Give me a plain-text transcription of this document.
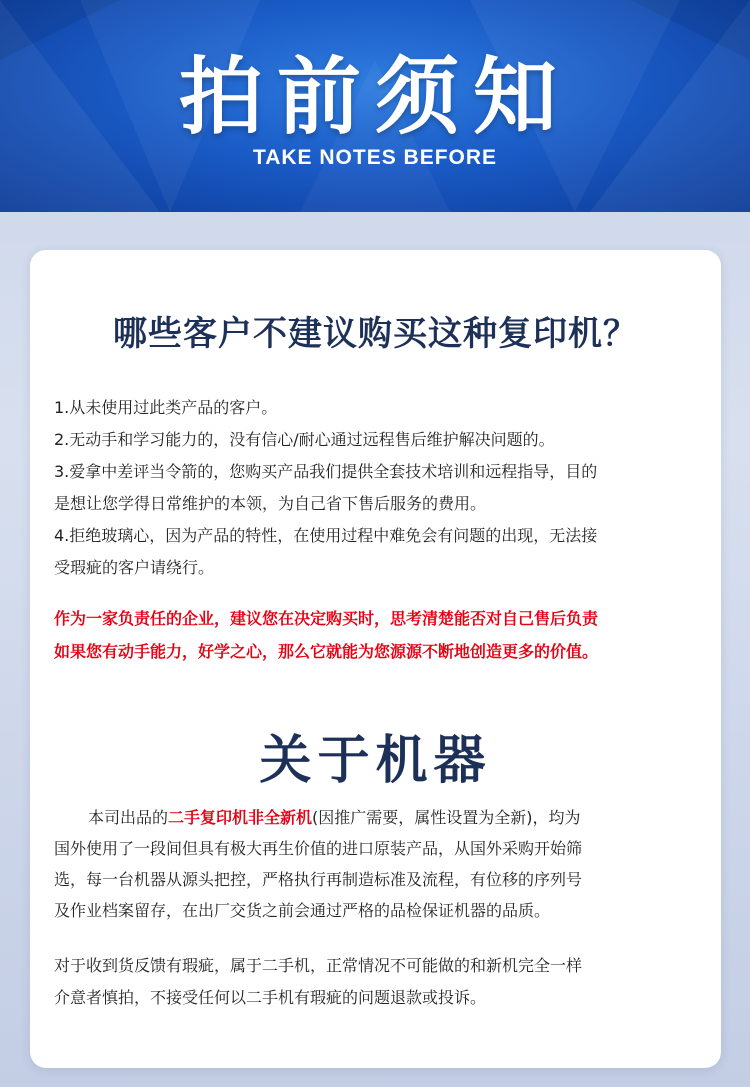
拍前须知
TAKE NOTES BEFORE
哪些客户不建议购买这种复印机？

1.从未使用过此类产品的客户。

2.无动手和学习能力的，没有信心/耐心通过远程售后维护解决问题的。

3.爱拿中差评当令箭的，您购买产品我们提供全套技术培训和远程指导，目的

是想让您学得日常维护的本领，为自己省下售后服务的费用。

4.拒绝玻璃心，因为产品的特性，在使用过程中难免会有问题的出现，无法接

受瑕疵的客户请绕行。

作为一家负责任的企业，建议您在决定购买时，思考清楚能否对自己售后负责

如果您有动手能力，好学之心，那么它就能为您源源不断地创造更多的价值。

关于机器

本司出品的二手复印机非全新机(因推广需要，属性设置为全新)，均为

国外使用了一段间但具有极大再生价值的进口原装产品，从国外采购开始筛

选，每一台机器从源头把控，严格执行再制造标准及流程，有位移的序列号

及作业档案留存，在出厂交货之前会通过严格的品检保证机器的品质。

对于收到货反馈有瑕疵，属于二手机，正常情况不可能做的和新机完全一样

介意者慎拍，不接受任何以二手机有瑕疵的问题退款或投诉。
